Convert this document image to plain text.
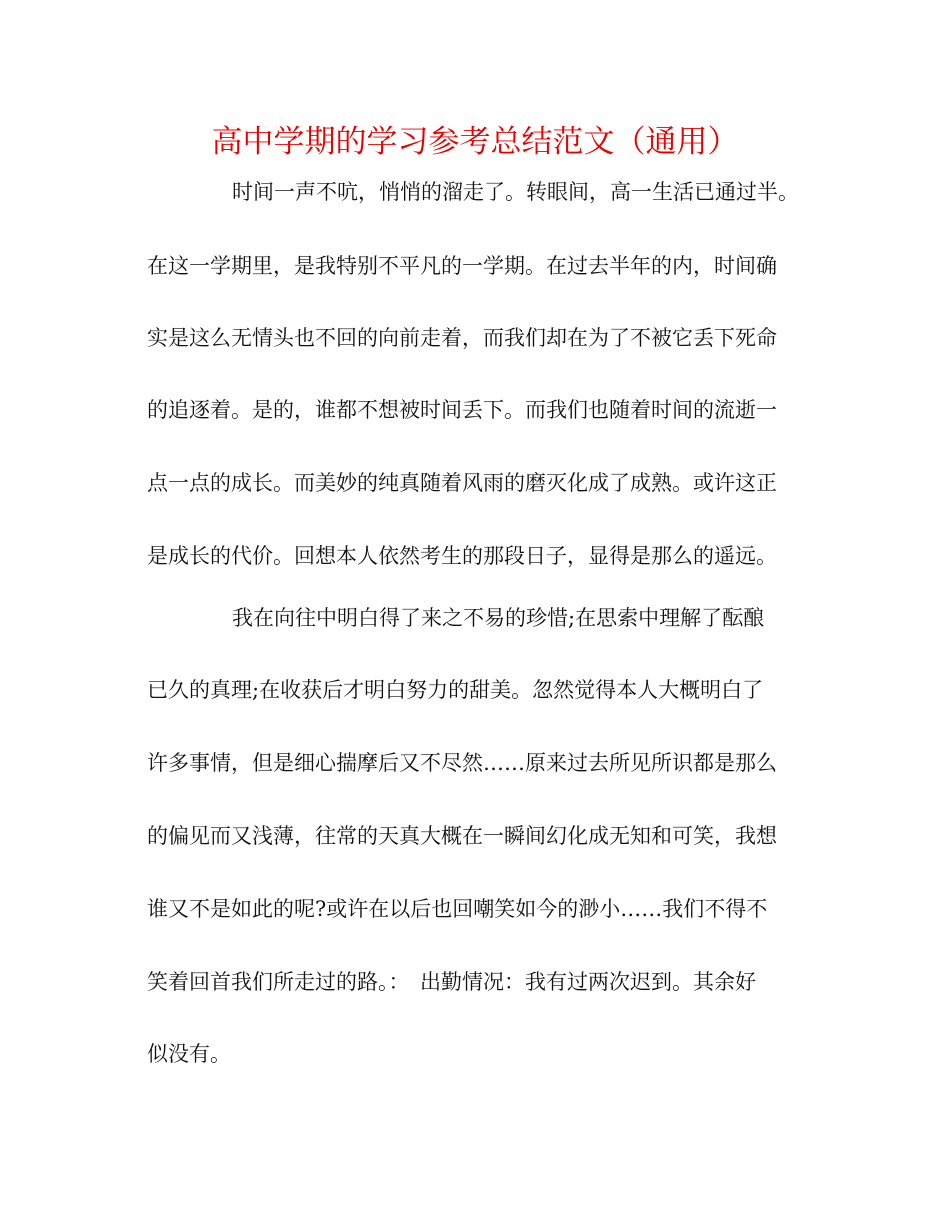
高中学期的学习参考总结范文（通用）
时间一声不吭，悄悄的溜走了。转眼间，高一生活已通过半。
在这一学期里，是我特别不平凡的一学期。在过去半年的内，时间确
实是这么无情头也不回的向前走着，而我们却在为了不被它丢下死命
的追逐着。是的，谁都不想被时间丢下。而我们也随着时间的流逝一
点一点的成长。而美妙的纯真随着风雨的磨灭化成了成熟。或许这正
是成长的代价。回想本人依然考生的那段日子，显得是那么的遥远。
我在向往中明白得了来之不易的珍惜;在思索中理解了酝酿
已久的真理;在收获后才明白努力的甜美。忽然觉得本人大概明白了
许多事情，但是细心揣摩后又不尽然……原来过去所见所识都是那么
的偏见而又浅薄，往常的天真大概在一瞬间幻化成无知和可笑，我想
谁又不是如此的呢?或许在以后也回嘲笑如今的渺小……我们不得不
笑着回首我们所走过的路。：　出勤情况：我有过两次迟到。其余好
似没有。
